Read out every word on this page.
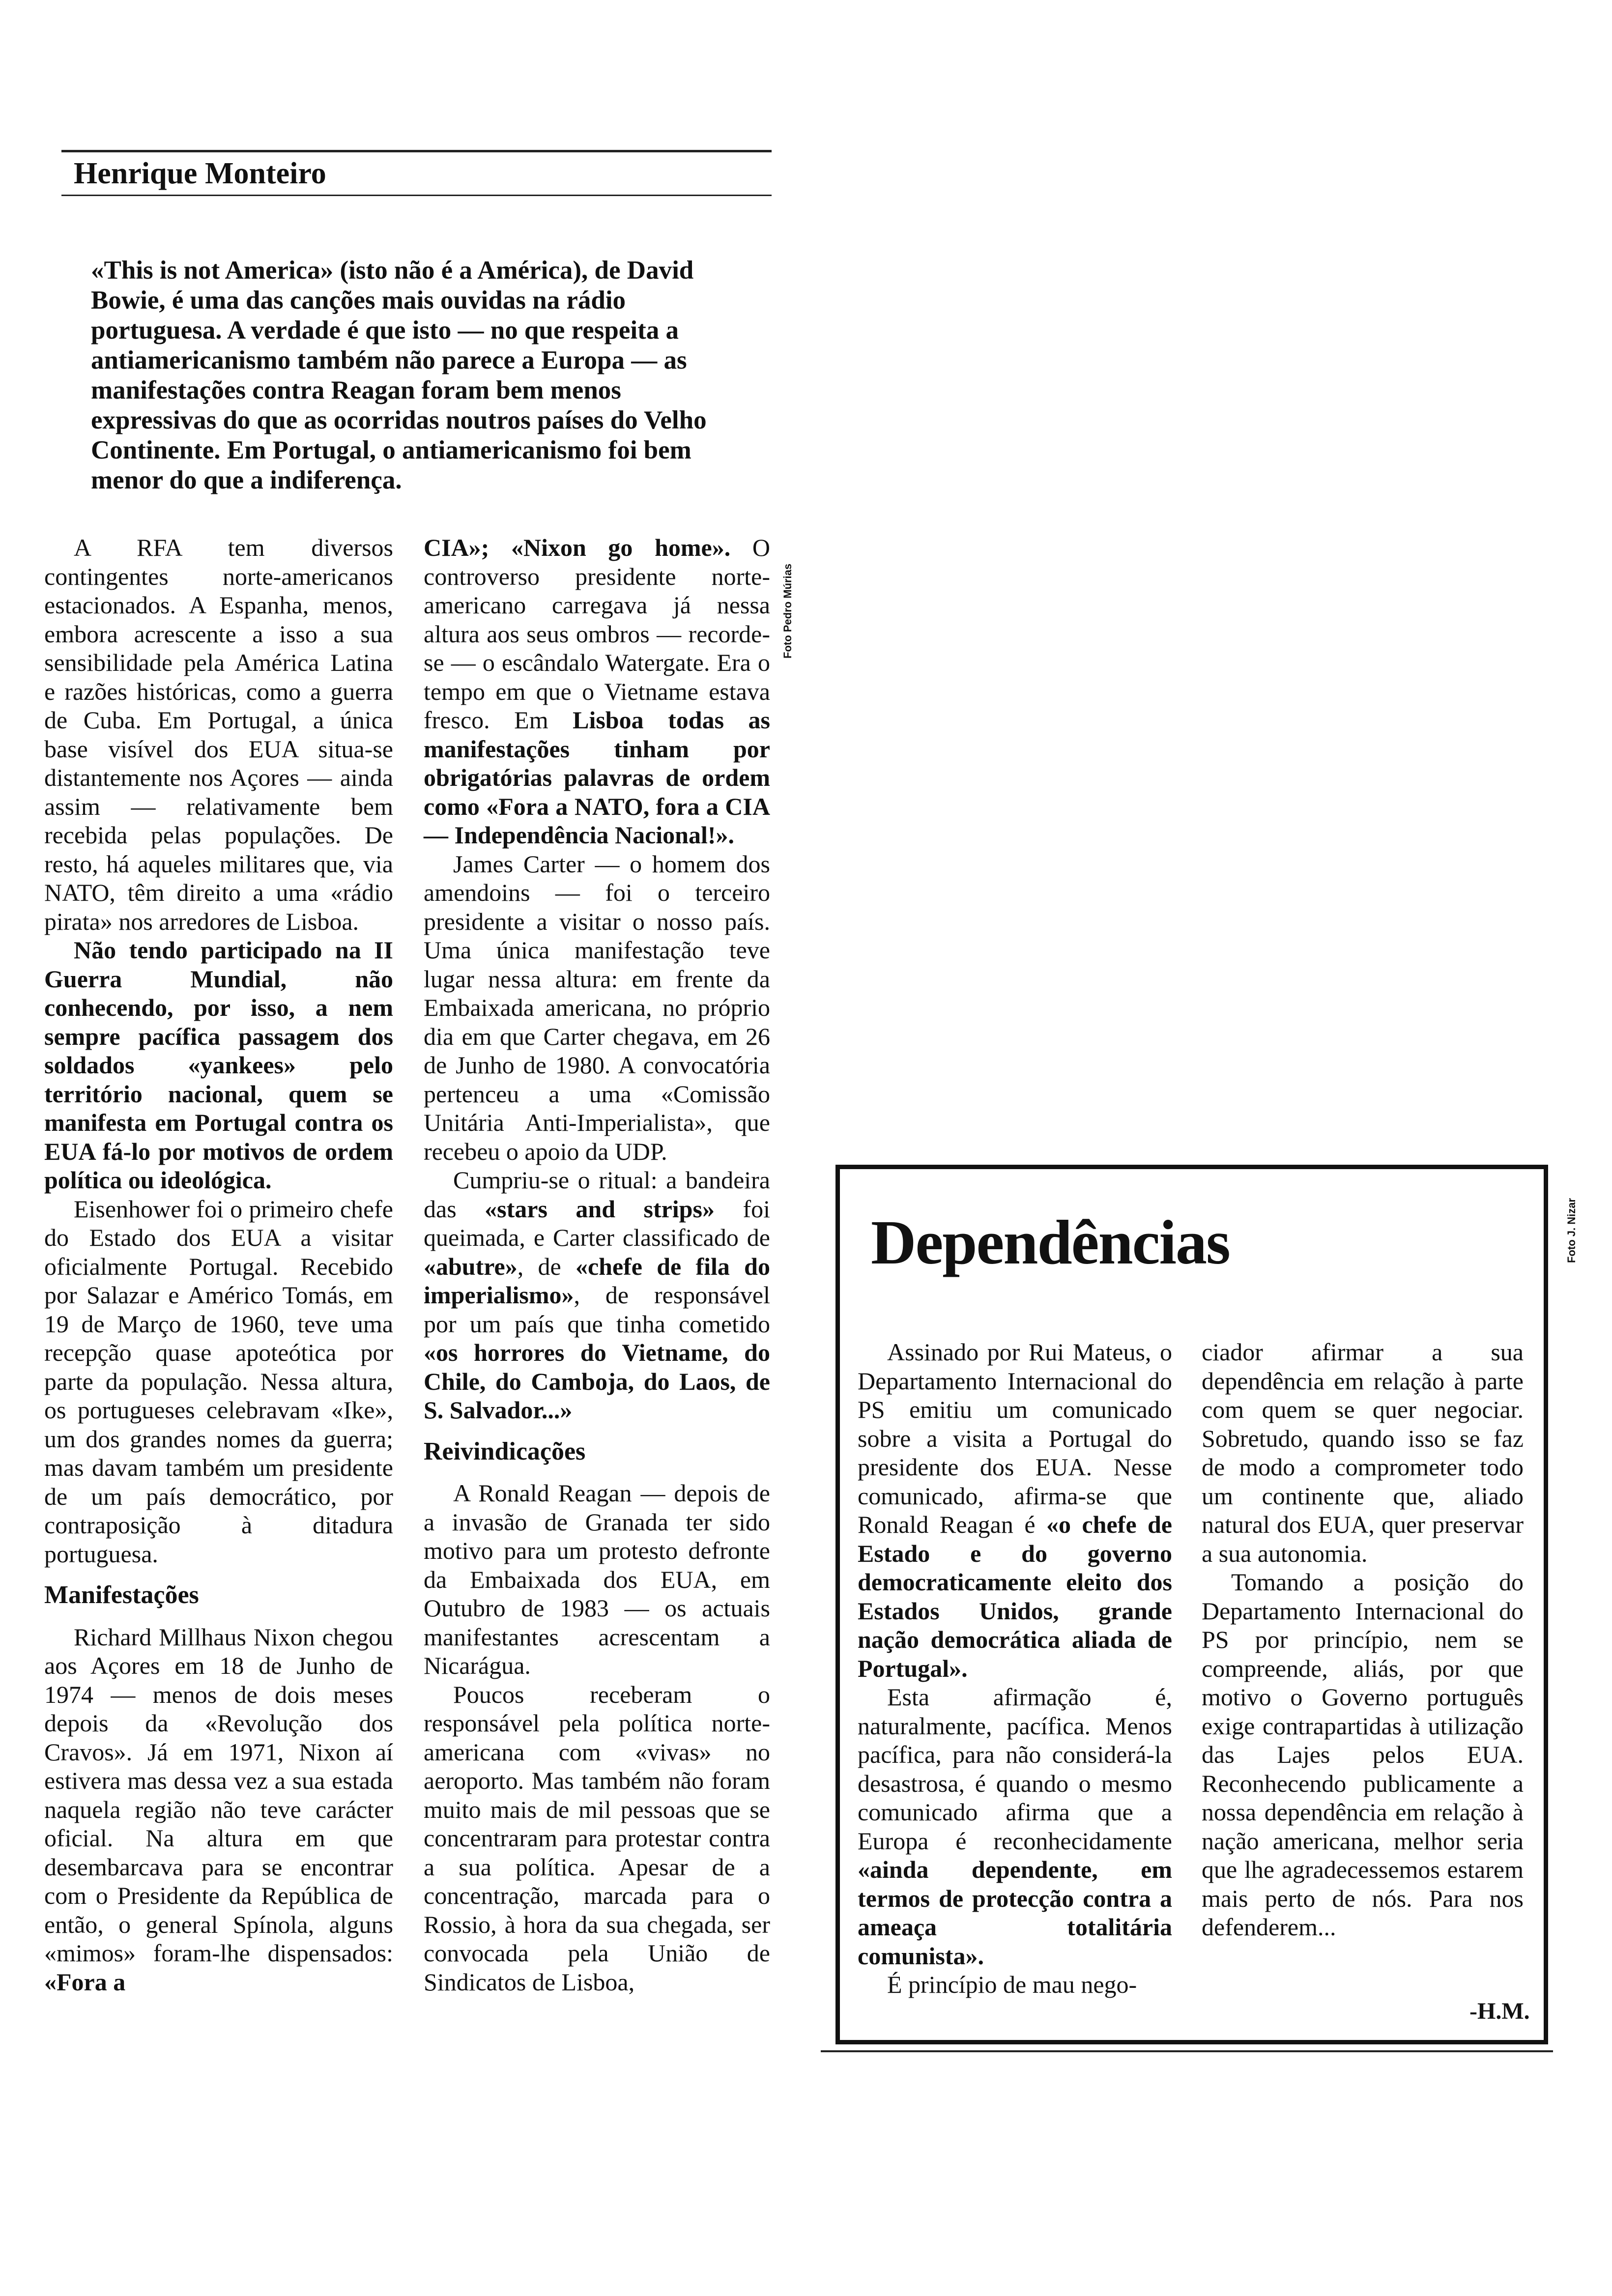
Henrique Monteiro
«This is not America» (isto não é a América), de David Bowie, é uma das canções mais ouvidas na rádio portuguesa. A verdade é que isto — no que respeita a antiamericanismo também não parece a Europa — as manifestações contra Reagan foram bem menos expressivas do que as ocorridas noutros países do Velho Continente. Em Portugal, o antiamericanismo foi bem menor do que a indiferença.

A RFA tem diversos contingentes norte-americanos estacionados. A Espanha, menos, embora acrescente a isso a sua sensibilidade pela América Latina e razões históricas, como a guerra de Cuba. Em Portugal, a única base visível dos EUA situa-se distantemente nos Açores — ainda assim — relativamente bem recebida pelas populações. De resto, há aqueles militares que, via NATO, têm direito a uma «rádio pirata» nos arredores de Lisboa.

Não tendo participado na II Guerra Mundial, não conhecendo, por isso, a nem sempre pacífica passagem dos soldados «yankees» pelo território nacional, quem se manifesta em Portugal contra os EUA fá-lo por motivos de ordem política ou ideológica.

Eisenhower foi o primeiro chefe do Estado dos EUA a visitar oficialmente Portugal. Recebido por Salazar e Américo Tomás, em 19 de Março de 1960, teve uma recepção quase apoteótica por parte da população. Nessa altura, os portugueses celebravam «Ike», um dos grandes nomes da guerra; mas davam também um presidente de um país democrático, por contraposição à ditadura portuguesa.

Manifestações

Richard Millhaus Nixon chegou aos Açores em 18 de Junho de 1974 — menos de dois meses depois da «Revolução dos Cravos». Já em 1971, Nixon aí estivera mas dessa vez a sua estada naquela região não teve carácter oficial. Na altura em que desembarcava para se encontrar com o Presidente da República de então, o general Spínola, alguns «mimos» foram-lhe dispensados: «Fora a

CIA»; «Nixon go home». O controverso presidente norte-americano carregava já nessa altura aos seus ombros — recorde-se — o escândalo Watergate. Era o tempo em que o Vietname estava fresco. Em Lisboa todas as manifestações tinham por obrigatórias palavras de ordem como «Fora a NATO, fora a CIA — Independência Nacional!».

James Carter — o homem dos amendoins — foi o terceiro presidente a visitar o nosso país. Uma única manifestação teve lugar nessa altura: em frente da Embaixada americana, no próprio dia em que Carter chegava, em 26 de Junho de 1980. A convocatória pertenceu a uma «Comissão Unitária Anti-Imperialista», que recebeu o apoio da UDP.

Cumpriu-se o ritual: a bandeira das «stars and strips» foi queimada, e Carter classificado de «abutre», de «chefe de fila do imperialismo», de responsável por um país que tinha cometido «os horrores do Vietname, do Chile, do Camboja, do Laos, de S. Salvador...»

Reivindicações

A Ronald Reagan — depois de a invasão de Granada ter sido motivo para um protesto defronte da Embaixada dos EUA, em Outubro de 1983 — os actuais manifestantes acrescentam a Nicarágua.

Poucos receberam o responsável pela política norte-americana com «vivas» no aeroporto. Mas também não foram muito mais de mil pessoas que se concentraram para protestar contra a sua política. Apesar de a concentração, marcada para o Rossio, à hora da sua chegada, ser convocada pela União de Sindicatos de Lisboa,

Foto Pedro Múrias
Foto J. Nizar
Dependências

Assinado por Rui Mateus, o Departamento Internacional do PS emitiu um comunicado sobre a visita a Portugal do presidente dos EUA. Nesse comunicado, afirma-se que Ronald Reagan é «o chefe de Estado e do governo democraticamente eleito dos Estados Unidos, grande nação democrática aliada de Portugal».

Esta afirmação é, naturalmente, pacífica. Menos pacífica, para não considerá-la desastrosa, é quando o mesmo comunicado afirma que a Europa é reconhecidamente «ainda dependente, em termos de protecção contra a ameaça totalitária comunista».

É princípio de mau nego-

ciador afirmar a sua dependência em relação à parte com quem se quer negociar. Sobretudo, quando isso se faz de modo a comprometer todo um continente que, aliado natural dos EUA, quer preservar a sua autonomia.

Tomando a posição do Departamento Internacional do PS por princípio, nem se compreende, aliás, por que motivo o Governo português exige contrapartidas à utilização das Lajes pelos EUA. Reconhecendo publicamente a nossa dependência em relação à nação americana, melhor seria que lhe agradecessemos estarem mais perto de nós. Para nos defenderem...

-H.M.
